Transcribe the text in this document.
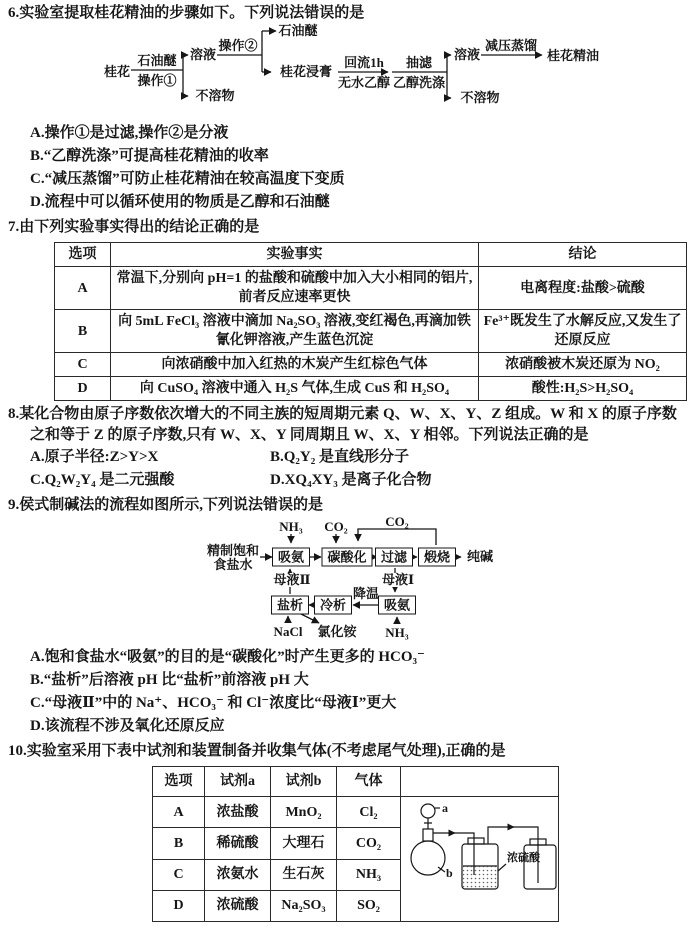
6.实验室提取桂花精油的步骤如下。下列说法错误的是

桂花
石油醚
操作①
溶液
不溶物
操作②
石油醚
桂花浸膏
回流1h
无水乙醇
抽滤
乙醇洗涤
溶液
不溶物
减压蒸馏
桂花精油

A.操作①是过滤,操作②是分液

B.“乙醇洗涤”可提高桂花精油的收率

C.“减压蒸馏”可防止桂花精油在较高温度下变质

D.流程中可以循环使用的物质是乙醇和石油醚

7.由下列实验事实得出的结论正确的是

选项	实验事实	结论
A	常温下,分别向 pH=1 的盐酸和硫酸中加入大小相同的铝片,前者反应速率更快	电离程度:盐酸>硫酸
B	向 5mL FeCl₃ 溶液中滴加 Na₂SO₃ 溶液,变红褐色,再滴加铁氰化钾溶液,产生蓝色沉淀	Fe³⁺既发生了水解反应,又发生了还原反应
C	向浓硝酸中加入红热的木炭产生红棕色气体	浓硝酸被木炭还原为 NO₂
D	向 CuSO₄ 溶液中通入 H₂S 气体,生成 CuS 和 H₂SO₄	酸性:H₂S>H₂SO₄

8.某化合物由原子序数依次增大的不同主族的短周期元素 Q、W、X、Y、Z 组成。W 和 X 的原子序数之和等于 Z 的原子序数,只有 W、X、Y 同周期且 W、X、Y 相邻。下列说法正确的是

A.原子半径:Z>Y>X	B.Q₂Y₂ 是直线形分子
C.Q₂W₂Y₄ 是二元强酸	D.XQ₄XY₃ 是离子化合物

9.侯式制碱法的流程如图所示,下列说法错误的是

精制饱和
食盐水
NH₃ CO₂	CO₂
吸氨	碳酸化	过滤	煅烧	纯碱
母液Ⅱ	母液Ⅰ
盐析	冷析	吸氨
降温
NaCl 氯化铵 NH₃

A.饱和食盐水“吸氨”的目的是“碳酸化”时产生更多的 HCO₃⁻

B.“盐析”后溶液 pH 比“盐析”前溶液 pH 大

C.“母液Ⅱ”中的 Na⁺、HCO₃⁻ 和 Cl⁻浓度比“母液Ⅰ”更大

D.该流程不涉及氧化还原反应

10.实验室采用下表中试剂和装置制备并收集气体(不考虑尾气处理),正确的是

选项	试剂a	试剂b	气体	
A	浓盐酸	MnO₂	Cl₂	a
b
浓硫酸

B	稀硫酸	大理石	CO₂	
C	浓氨水	生石灰	NH₃	
D	浓硫酸	Na₂SO₃	SO₂	
